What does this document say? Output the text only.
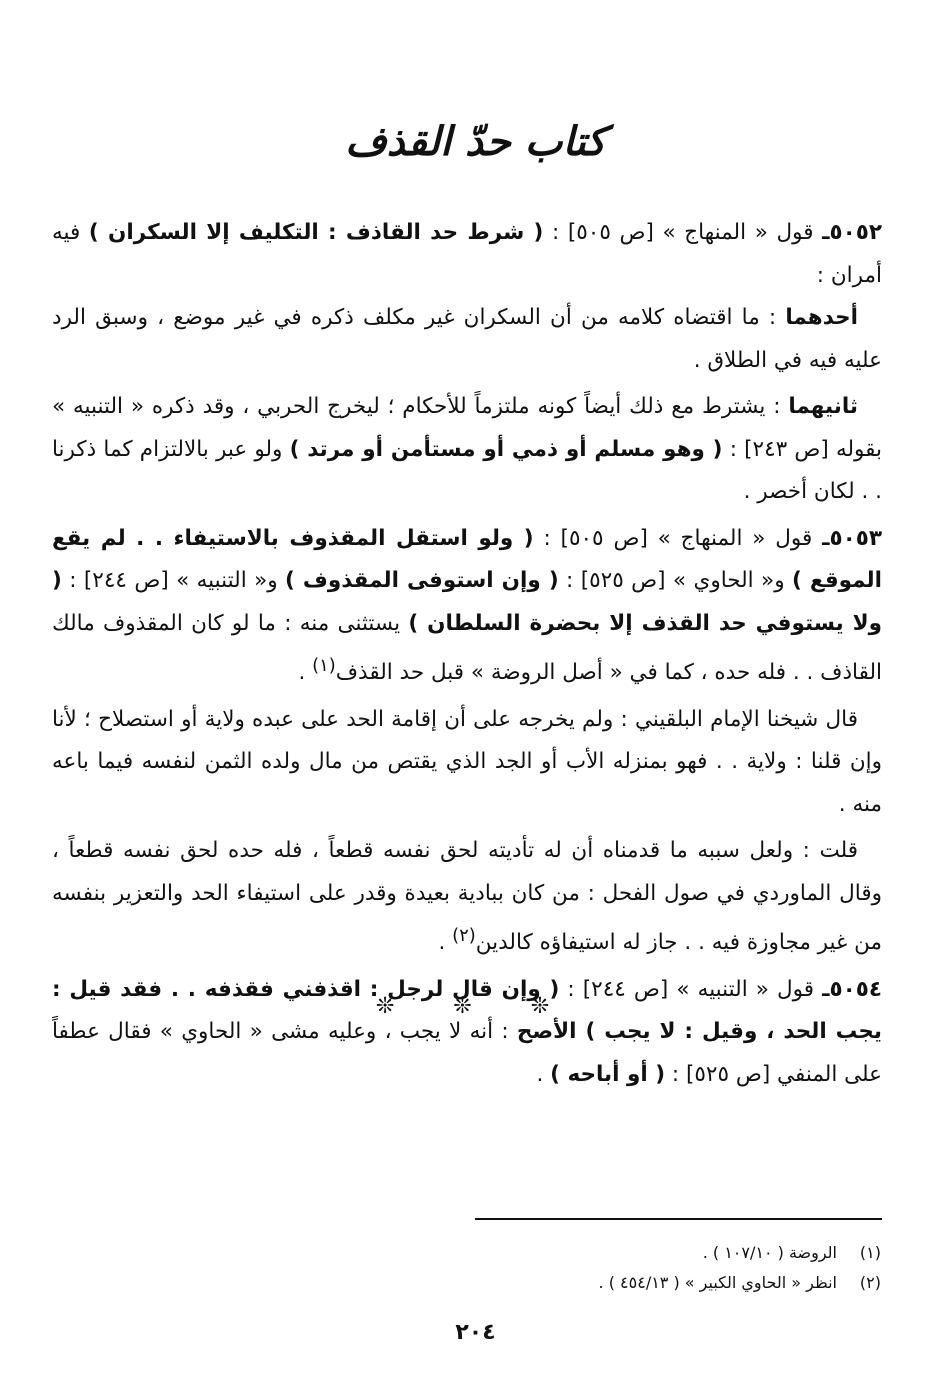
كتاب حدّ القذف

٥٠٥٢ـ قول « المنهاج » [ص ٥٠٥] : ( شرط حد القاذف : التكليف إلا السكران ) فيه أمران :

أحدهما : ما اقتضاه كلامه من أن السكران غير مكلف ذكره في غير موضع ، وسبق الرد عليه فيه في الطلاق .

ثانيهما : يشترط مع ذلك أيضاً كونه ملتزماً للأحكام ؛ ليخرج الحربي ، وقد ذكره « التنبيه » بقوله [ص ٢٤٣] : ( وهو مسلم أو ذمي أو مستأمن أو مرتد ) ولو عبر بالالتزام كما ذكرنا . . لكان أخصر .

٥٠٥٣ـ قول « المنهاج » [ص ٥٠٥] : ( ولو استقل المقذوف بالاستيفاء . . لم يقع الموقع ) و« الحاوي » [ص ٥٢٥] : ( وإن استوفى المقذوف ) و« التنبيه » [ص ٢٤٤] : ( ولا يستوفي حد القذف إلا بحضرة السلطان ) يستثنى منه : ما لو كان المقذوف مالك القاذف . . فله حده ، كما في « أصل الروضة » قبل حد القذف$^{(١)}$ .

قال شيخنا الإمام البلقيني : ولم يخرجه على أن إقامة الحد على عبده ولاية أو استصلاح ؛ لأنا وإن قلنا : ولاية . . فهو بمنزله الأب أو الجد الذي يقتص من مال ولده الثمن لنفسه فيما باعه منه .

قلت : ولعل سببه ما قدمناه أن له تأديته لحق نفسه قطعاً ، فله حده لحق نفسه قطعاً ، وقال الماوردي في صول الفحل : من كان ببادية بعيدة وقدر على استيفاء الحد والتعزير بنفسه من غير مجاوزة فيه . . جاز له استيفاؤه كالدين$^{(٢)}$ .

٥٠٥٤ـ قول « التنبيه » [ص ٢٤٤] : ( وإن قال لرجل : اقذفني فقذفه . . فقد قيل : يجب الحد ، وقيل : لا يجب ) الأصح : أنه لا يجب ، وعليه مشى « الحاوي » فقال عطفاً على المنفي [ص ٥٢٥] : ( أو أباحه ) .

❊ ❊ ❊
(١)الروضة ( ١٠٧/١٠ ) .
(٢)انظر « الحاوي الكبير » ( ٤٥٤/١٣ ) .
٢٠٤
